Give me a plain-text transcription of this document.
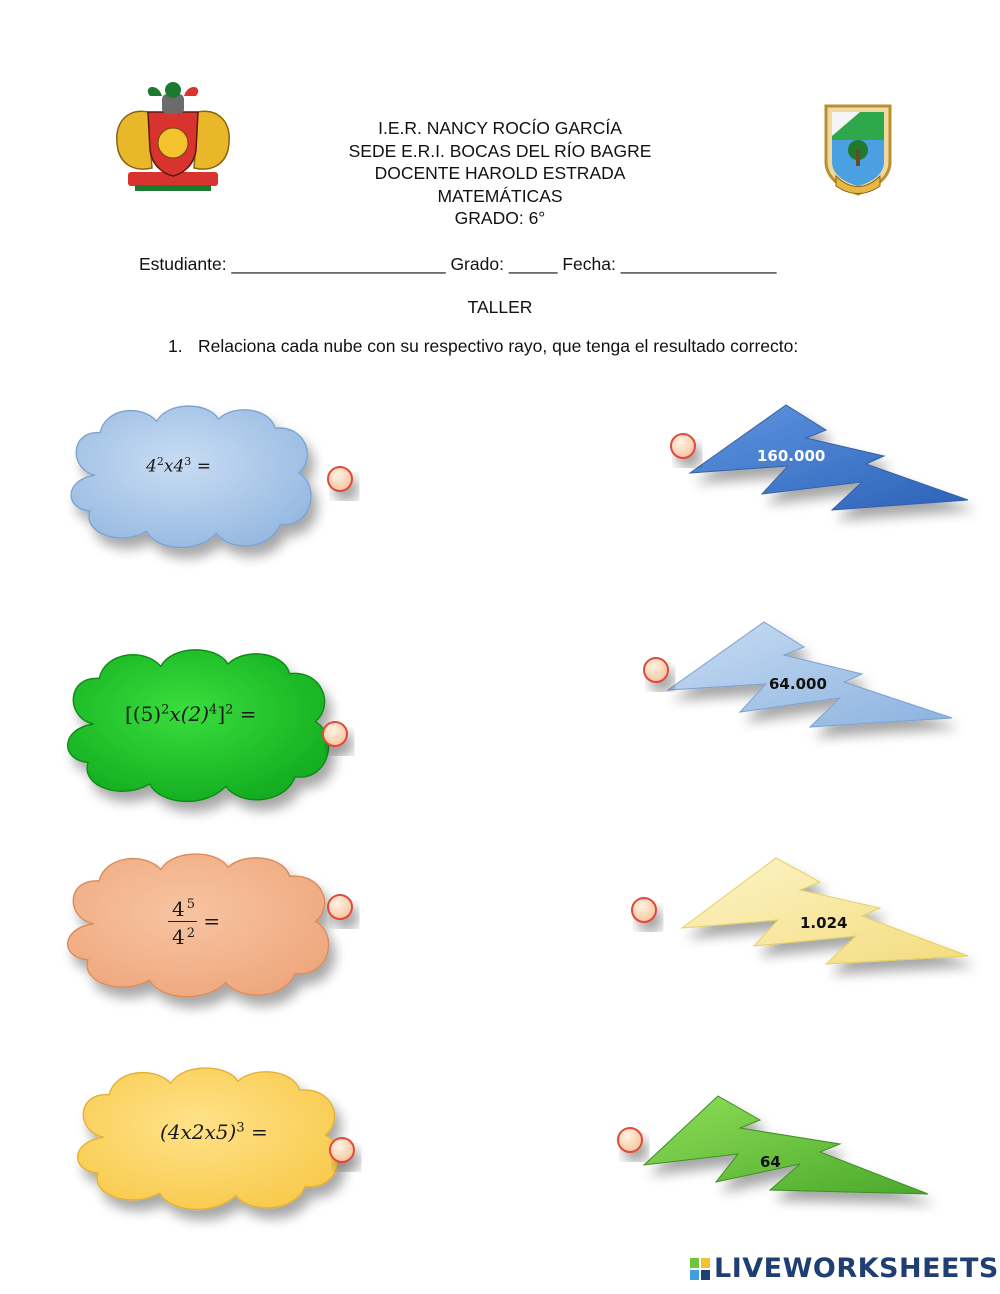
I.E.R. NANCY ROCÍO GARCÍA
SEDE E.R.I. BOCAS DEL RÍO BAGRE
DOCENTE HAROLD ESTRADA
MATEMÁTICAS
GRADO: 6°
Estudiante: ______________________ Grado: _____ Fecha: ________________
TALLER
1. Relaciona cada nube con su respectivo rayo, que tenga el resultado correcto:
$4^2x4^3$ =
$[(5)^2x(2)^4]^2$ =
$\frac{4 ^5}{4 ^2}$ =
$(4x2x5)^3$ =
160.000
64.000
1.024
64
LIVEWORKSHEETS
